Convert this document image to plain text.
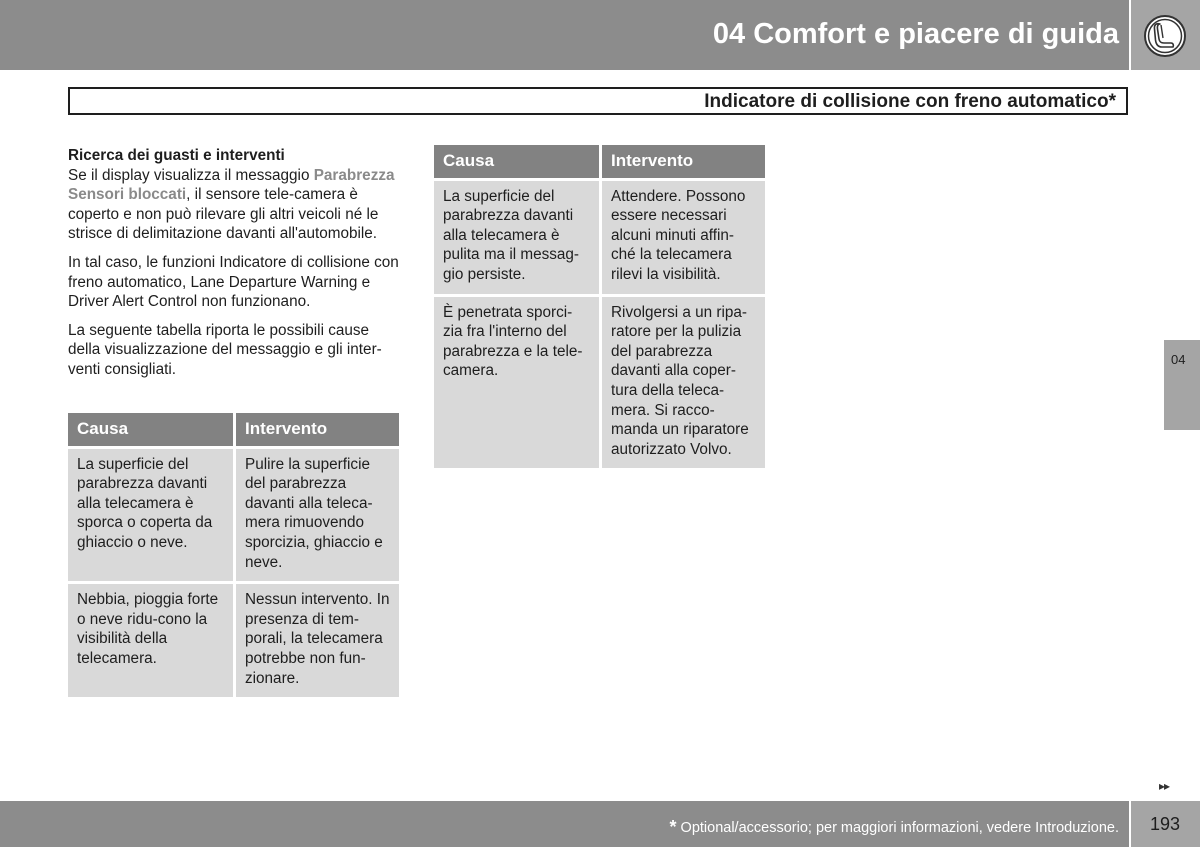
04 Comfort e piacere di guida
Indicatore di collisione con freno automatico*
Ricerca dei guasti e interventi

Se il display visualizza il messaggio Parabrezza Sensori bloccati, il sensore tele-camera è coperto e non può rilevare gli altri veicoli né le strisce di delimitazione davanti all'automobile.

In tal caso, le funzioni Indicatore di collisione con freno automatico, Lane Departure Warning e Driver Alert Control non funzionano.

La seguente tabella riporta le possibili cause della visualizzazione del messaggio e gli inter-venti consigliati.

Causa	Intervento
La superficie del parabrezza davanti alla telecamera è sporca o coperta da ghiaccio o neve.	Pulire la superficie del parabrezza davanti alla teleca-mera rimuovendo sporcizia, ghiaccio e neve.
Nebbia, pioggia forte o neve ridu-cono la visibilità della telecamera.	Nessun intervento. In presenza di tem-porali, la telecamera potrebbe non fun-zionare.
Causa	Intervento
La superficie del parabrezza davanti alla telecamera è pulita ma il messag-gio persiste.	Attendere. Possono essere necessari alcuni minuti affin-ché la telecamera rilevi la visibilità.
È penetrata sporci-zia fra l'interno del parabrezza e la tele-camera.	Rivolgersi a un ripa-ratore per la pulizia del parabrezza davanti alla coper-tura della teleca-mera. Si racco-manda un riparatore autorizzato Volvo.
04
▸▸
* Optional/accessorio; per maggiori informazioni, vedere Introduzione. 193
